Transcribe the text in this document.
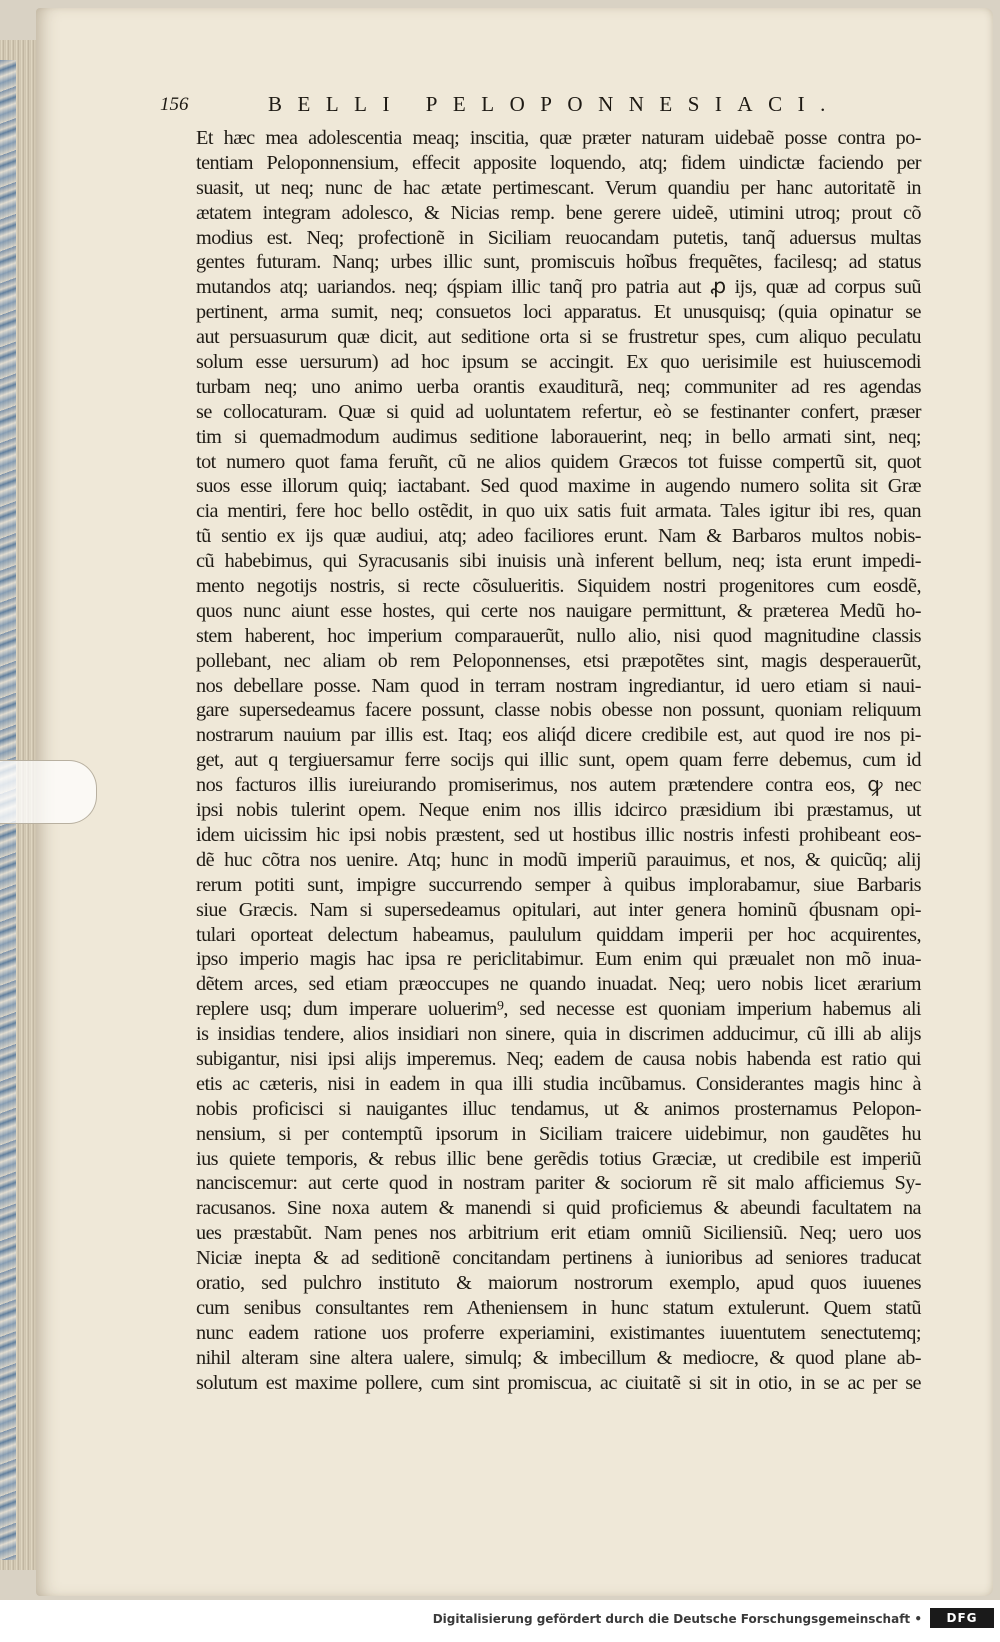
156	BELLI PELOPONNESIACI.
Et hæc mea adolescentia meaq; inscitia, quæ præter naturam uidebaẽ posse contra po-
tentiam Peloponnensium, effecit apposite loquendo, atq; fidem uindictæ faciendo per
suasit, ut neq; nunc de hac ætate pertimescant. Verum quandiu per hanc autoritatẽ in
ætatem integram adolesco, & Nicias remp. bene gerere uideẽ, utimini utroq; prout cõ
modius est. Neq; profectionẽ in Siciliam reuocandam putetis, tanq̃ aduersus multas
gentes futuram. Nanq; urbes illic sunt, promiscuis hoĩbus frequẽtes, facilesq; ad status
mutandos atq; uariandos. neq; q́spiam illic tanq̃ pro patria aut ꝓ ijs, quæ ad corpus suũ
pertinent, arma sumit, neq; consuetos loci apparatus. Et unusquisq; (quia opinatur se
aut persuasurum quæ dicit, aut seditione orta si se frustretur spes, cum aliquo peculatu
solum esse uersurum) ad hoc ipsum se accingit. Ex quo uerisimile est huiuscemodi
turbam neq; uno animo uerba orantis exauditurã, neq; communiter ad res agendas
se collocaturam. Quæ si quid ad uoluntatem refertur, eò se festinanter confert, præser
tim si quemadmodum audimus seditione laborauerint, neq; in bello armati sint, neq;
tot numero quot fama feruñt, cũ ne alios quidem Græcos tot fuisse compertũ sit, quot
suos esse illorum quiq; iactabant. Sed quod maxime in augendo numero solita sit Græ
cia mentiri, fere hoc bello ostẽdit, in quo uix satis fuit armata. Tales igitur ibi res, quan
tũ sentio ex ijs quæ audiui, atq; adeo faciliores erunt. Nam & Barbaros multos nobis-
cũ habebimus, qui Syracusanis sibi inuisis unà inferent bellum, neq; ista erunt impedi-
mento negotijs nostris, si recte cõsulueritis. Siquidem nostri progenitores cum eosdẽ,
quos nunc aiunt esse hostes, qui certe nos nauigare permittunt, & præterea Medũ ho-
stem haberent, hoc imperium comparauerũt, nullo alio, nisi quod magnitudine classis
pollebant, nec aliam ob rem Peloponnenses, etsi præpotẽtes sint, magis desperauerũt,
nos debellare posse. Nam quod in terram nostram ingrediantur, id uero etiam si naui-
gare supersedeamus facere possunt, classe nobis obesse non possunt, quoniam reliquum
nostrarum nauium par illis est. Itaq; eos aliq́d dicere credibile est, aut quod ire nos pi-
get, aut q tergiuersamur ferre socijs qui illic sunt, opem quam ferre debemus, cum id
nos facturos illis iureiurando promiserimus, nos autem prætendere contra eos, ꝙ nec
ipsi nobis tulerint opem. Neque enim nos illis idcirco præsidium ibi præstamus, ut
idem uicissim hic ipsi nobis præstent, sed ut hostibus illic nostris infesti prohibeant eos-
dẽ huc cõtra nos uenire. Atq; hunc in modũ imperiũ parauimus, et nos, & quicũq; alij
rerum potiti sunt, impigre succurrendo semper à quibus implorabamur, siue Barbaris
siue Græcis. Nam si supersedeamus opitulari, aut inter genera hominũ q́busnam opi-
tulari oporteat delectum habeamus, paululum quiddam imperii per hoc acquirentes,
ipso imperio magis hac ipsa re periclitabimur. Eum enim qui præualet non mõ inua-
dẽtem arces, sed etiam præoccupes ne quando inuadat. Neq; uero nobis licet ærarium
replere usq; dum imperare uoluerim⁹, sed necesse est quoniam imperium habemus ali
is insidias tendere, alios insidiari non sinere, quia in discrimen adducimur, cũ illi ab alijs
subigantur, nisi ipsi alijs imperemus. Neq; eadem de causa nobis habenda est ratio qui
etis ac cæteris, nisi in eadem in qua illi studia incũbamus. Considerantes magis hinc à
nobis proficisci si nauigantes illuc tendamus, ut & animos prosternamus Pelopon-
nensium, si per contemptũ ipsorum in Siciliam traicere uidebimur, non gaudẽtes hu
ius quiete temporis, & rebus illic bene gerẽdis totius Græciæ, ut credibile est imperiũ
nanciscemur: aut certe quod in nostram pariter & sociorum rẽ sit malo afficiemus Sy-
racusanos. Sine noxa autem & manendi si quid proficiemus & abeundi facultatem na
ues præstabũt. Nam penes nos arbitrium erit etiam omniũ Siciliensiũ. Neq; uero uos
Niciæ inepta & ad seditionẽ concitandam pertinens à iunioribus ad seniores traducat
oratio, sed pulchro instituto & maiorum nostrorum exemplo, apud quos iuuenes
cum senibus consultantes rem Atheniensem in hunc statum extulerunt. Quem statũ
nunc eadem ratione uos proferre experiamini, existimantes iuuentutem senectutemq;
nihil alteram sine altera ualere, simulq; & imbecillum & mediocre, & quod plane ab-
solutum est maxime pollere, cum sint promiscua, ac ciuitatẽ si sit in otio, in se ac per se
Digitalisierung gefördert durch die Deutsche Forschungsgemeinschaft •	DFG
